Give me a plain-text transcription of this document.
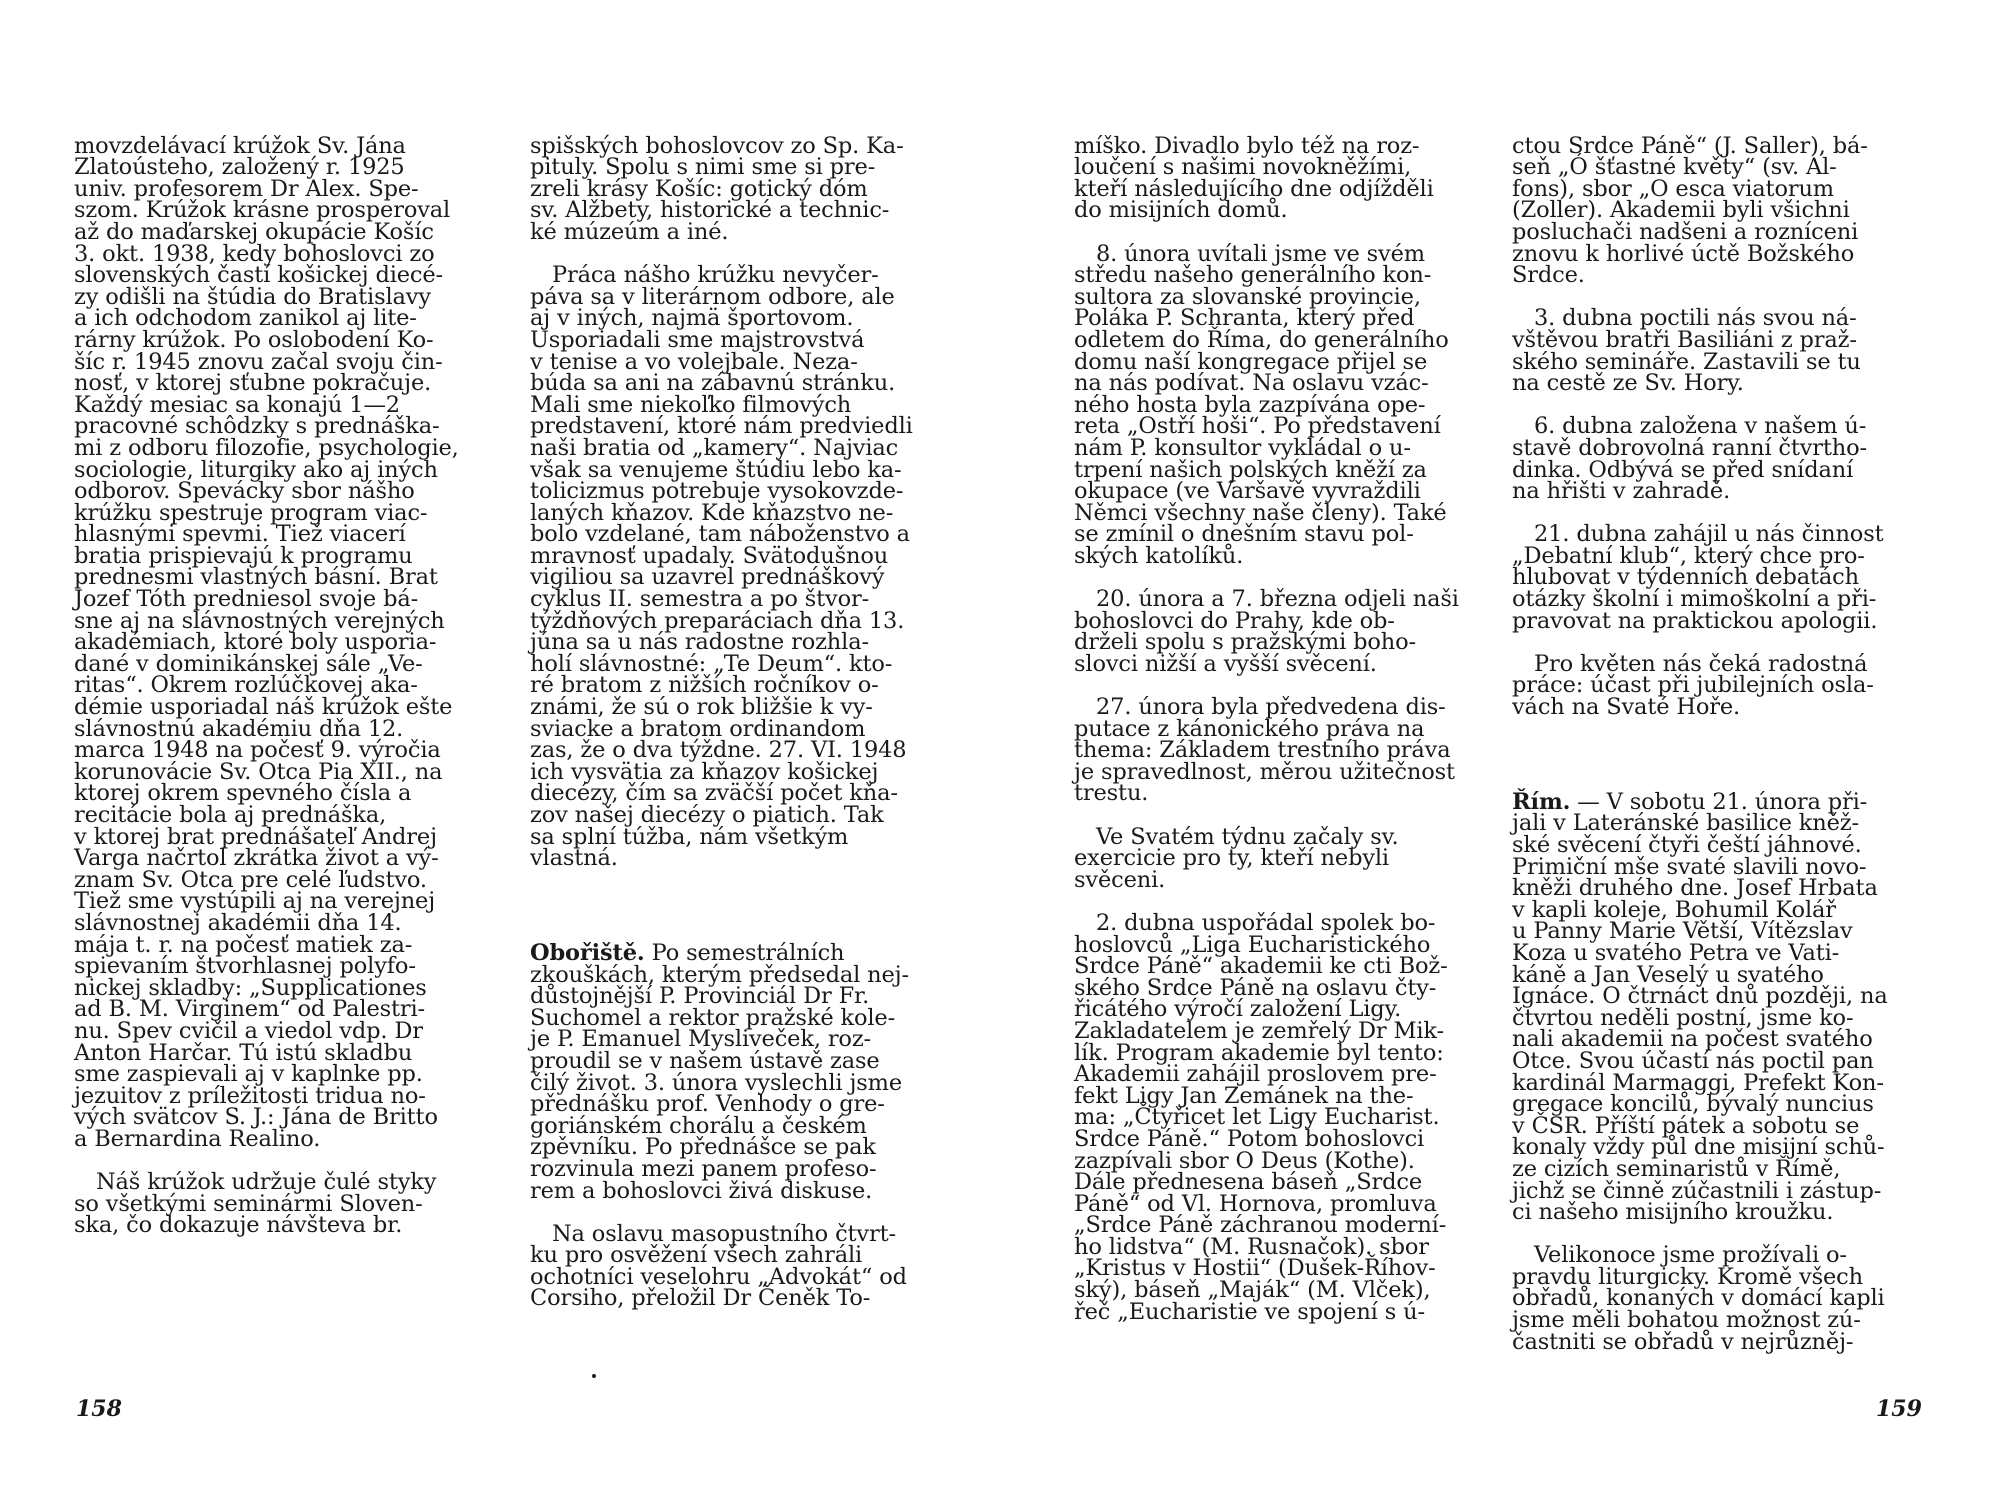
movzdelávací krúžok Sv. Jána
Zlatoústeho, založený r. 1925
univ. profesorem Dr Alex. Spe-
szom. Krúžok krásne prosperoval
až do maďarskej okupácie Košíc
3. okt. 1938, kedy bohoslovci zo
slovenských častí košickej diecé-
zy odišli na štúdia do Bratislavy
a ich odchodom zanikol aj lite-
rárny krúžok. Po oslobodení Ko-
šíc r. 1945 znovu začal svoju čin-
nosť, v ktorej sťubne pokračuje.
Každý mesiac sa konajú 1—2
pracovné schôdzky s prednáška-
mi z odboru filozofie, psychologie,
sociologie, liturgiky ako aj iných
odborov. Spevácky sbor nášho
krúžku spestruje program viac-
hlasnými spevmi. Tiež viacerí
bratia prispievajú k programu
prednesmi vlastných básní. Brat
Jozef Tóth predniesol svoje bá-
sne aj na slávnostných verejných
akadémiach, ktoré boly usporia-
dané v dominikánskej sále „Ve-
ritas“. Okrem rozlúčkovej aka-
démie usporiadal náš krúžok ešte
slávnostnú akadémiu dňa 12.
marca 1948 na počesť 9. výročia
korunovácie Sv. Otca Pia XII., na
ktorej okrem spevného čísla a
recitácie bola aj prednáška,
v ktorej brat prednášateľ Andrej
Varga načrtol zkrátka život a vý-
znam Sv. Otca pre celé ľudstvo.
Tiež sme vystúpili aj na verejnej
slávnostnej akadémii dňa 14.
mája t. r. na počesť matiek za-
spievaním štvorhlasnej polyfo-
nickej skladby: „Supplicationes
ad B. M. Virginem“ od Palestri-
nu. Spev cvičil a viedol vdp. Dr
Anton Harčar. Tú istú skladbu
sme zaspievali aj v kaplnke pp.
jezuitov z príležitosti tridua no-
vých svätcov S. J.: Jána de Britto
a Bernardina Realino.

Náš krúžok udržuje čulé styky
so všetkými seminármi Sloven-
ska, čo dokazuje návšteva br.

spišských bohoslovcov zo Sp. Ka-
pituly. Spolu s nimi sme si pre-
zreli krásy Košíc: gotický dóm
sv. Alžbety, historické a technic-
ké múzeúm a iné.

Práca nášho krúžku nevyčer-
páva sa v literárnom odbore, ale
aj v iných, najmä športovom.
Usporiadali sme majstrovstvá
v tenise a vo volejbale. Neza-
búda sa ani na zábavnú stránku.
Mali sme niekoľko filmových
predstavení, ktoré nám predviedli
naši bratia od „kamery“. Najviac
však sa venujeme štúdiu lebo ka-
tolicizmus potrebuje vysokovzde-
laných kňazov. Kde kňazstvo ne-
bolo vzdelané, tam náboženstvo a
mravnosť upadaly. Svätodušnou
vigiliou sa uzavrel prednáškový
cyklus II. semestra a po štvor-
týždňových preparáciach dňa 13.
júna sa u nás radostne rozhla-
holí slávnostné: „Te Deum“. kto-
ré bratom z nižších ročníkov o-
známi, že sú o rok bližšie k vy-
sviacke a bratom ordinandom
zas, že o dva týždne. 27. VI. 1948
ich vysvätia za kňazov košickej
diecézy, čím sa zväčší počet kňa-
zov našej diecézy o piatich. Tak
sa splní túžba, nám všetkým
vlastná.

Obořiště. Po semestrálních
zkouškách, kterým předsedal nej-
důstojnější P. Provinciál Dr Fr.
Suchomel a rektor pražské kole-
je P. Emanuel Mysliveček, roz-
proudil se v našem ústavě zase
čilý život. 3. února vyslechli jsme
přednášku prof. Venhody o gre-
goriánském chorálu a českém
zpěvníku. Po přednášce se pak
rozvinula mezi panem profeso-
rem a bohoslovci živá diskuse.

Na oslavu masopustního čtvrt-
ku pro osvěžení všech zahráli
ochotníci veselohru „Advokát“ od
Corsiho, přeložil Dr Čeněk To-

míško. Divadlo bylo též na roz-
loučení s našimi novokněžími,
kteří následujícího dne odjížděli
do misijních domů.

8. února uvítali jsme ve svém
středu našeho generálního kon-
sultora za slovanské provincie,
Poláka P. Schranta, který před
odletem do Říma, do generálního
domu naší kongregace přijel se
na nás podívat. Na oslavu vzác-
ného hosta byla zazpívána ope-
reta „Ostří hoši“. Po představení
nám P. konsultor vykládal o u-
trpení našich polských kněží za
okupace (ve Varšavě vyvraždili
Němci všechny naše členy). Také
se zmínil o dnešním stavu pol-
ských katolíků.

20. února a 7. března odjeli naši
bohoslovci do Prahy, kde ob-
drželi spolu s pražskými boho-
slovci nižší a vyšší svěcení.

27. února byla předvedena dis-
putace z kánonického práva na
thema: Základem trestního práva
je spravedlnost, měrou užitečnost
trestu.

Ve Svatém týdnu začaly sv.
exercicie pro ty, kteří nebyli
svěceni.

2. dubna uspořádal spolek bo-
hoslovců „Liga Eucharistického
Srdce Páně“ akademii ke cti Bož-
ského Srdce Páně na oslavu čty-
řicátého výročí založení Ligy.
Zakladatelem je zemřelý Dr Mik-
lík. Program akademie byl tento:
Akademii zahájil proslovem pre-
fekt Ligy Jan Zemánek na the-
ma: „Čtyřicet let Ligy Eucharist.
Srdce Páně.“ Potom bohoslovci
zazpívali sbor O Deus (Kothe).
Dále přednesena báseň „Srdce
Páně“ od Vl. Hornova, promluva
„Srdce Páně záchranou moderní-
ho lidstva“ (M. Rusnačok). sbor
„Kristus v Hostii“ (Dušek-Říhov-
ský), báseň „Maják“ (M. Vlček),
řeč „Eucharistie ve spojení s ú-

ctou Srdce Páně“ (J. Saller), bá-
seň „Ó šťastné květy“ (sv. Al-
fons), sbor „O esca viatorum
(Zoller). Akademii byli všichni
posluchači nadšeni a rozníceni
znovu k horlivé úctě Božského
Srdce.

3. dubna poctili nás svou ná-
vštěvou bratři Basiliáni z praž-
ského semináře. Zastavili se tu
na cestě ze Sv. Hory.

6. dubna založena v našem ú-
stavě dobrovolná ranní čtvrtho-
dinka. Odbývá se před snídaní
na hřišti v zahradě.

21. dubna zahájil u nás činnost
„Debatní klub“, který chce pro-
hlubovat v týdenních debatách
otázky školní i mimoškolní a při-
pravovat na praktickou apologii.

Pro květen nás čeká radostná
práce: účast při jubilejních osla-
vách na Svaté Hoře.

Řím. — V sobotu 21. února při-
jali v Lateránské basilice kněž-
ské svěcení čtyři čeští jáhnové.
Primiční mše svaté slavili novo-
kněži druhého dne. Josef Hrbata
v kapli koleje, Bohumil Kolář
u Panny Marie Větší, Vítězslav
Koza u svatého Petra ve Vati-
káně a Jan Veselý u svatého
Ignáce. O čtrnáct dnů později, na
čtvrtou neděli postní, jsme ko-
nali akademii na počest svatého
Otce. Svou účastí nás poctil pan
kardinál Marmaggi, Prefekt Kon-
gregace koncilů, bývalý nuncius
v ČSR. Příští pátek a sobotu se
konaly vždy půl dne misijní schů-
ze cizích seminaristů v Římě,
jichž se činně zúčastnili i zástup-
ci našeho misijního kroužku.

Velikonoce jsme prožívali o-
pravdu liturgicky. Kromě všech
obřadů, konaných v domácí kapli
jsme měli bohatou možnost zú-
častniti se obřadů v nejrůzněj-

158	159
